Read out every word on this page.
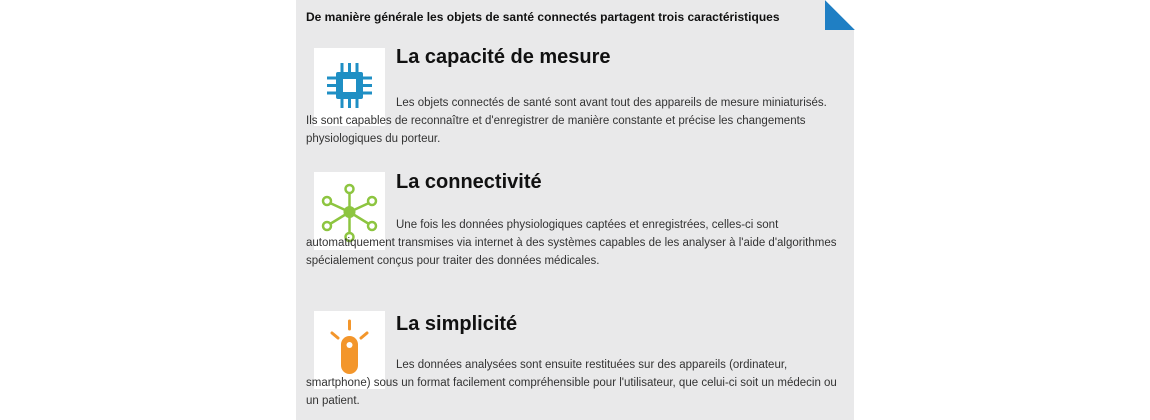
De manière générale les objets de santé connectés partagent trois caractéristiques
La capacité de mesure
Les objets connectés de santé sont avant tout des appareils de mesure miniaturisés. Ils sont capables de reconnaître et d'enregistrer de manière constante et précise les changements physiologiques du porteur.
La connectivité
Une fois les données physiologiques captées et enregistrées, celles-ci sont automatiquement transmises via internet à des systèmes capables de les analyser à l'aide d'algorithmes spécialement conçus pour traiter des données médicales.
La simplicité
Les données analysées sont ensuite restituées sur des appareils (ordinateur, smartphone) sous un format facilement compréhensible pour l'utilisateur, que celui-ci soit un médecin ou un patient.
